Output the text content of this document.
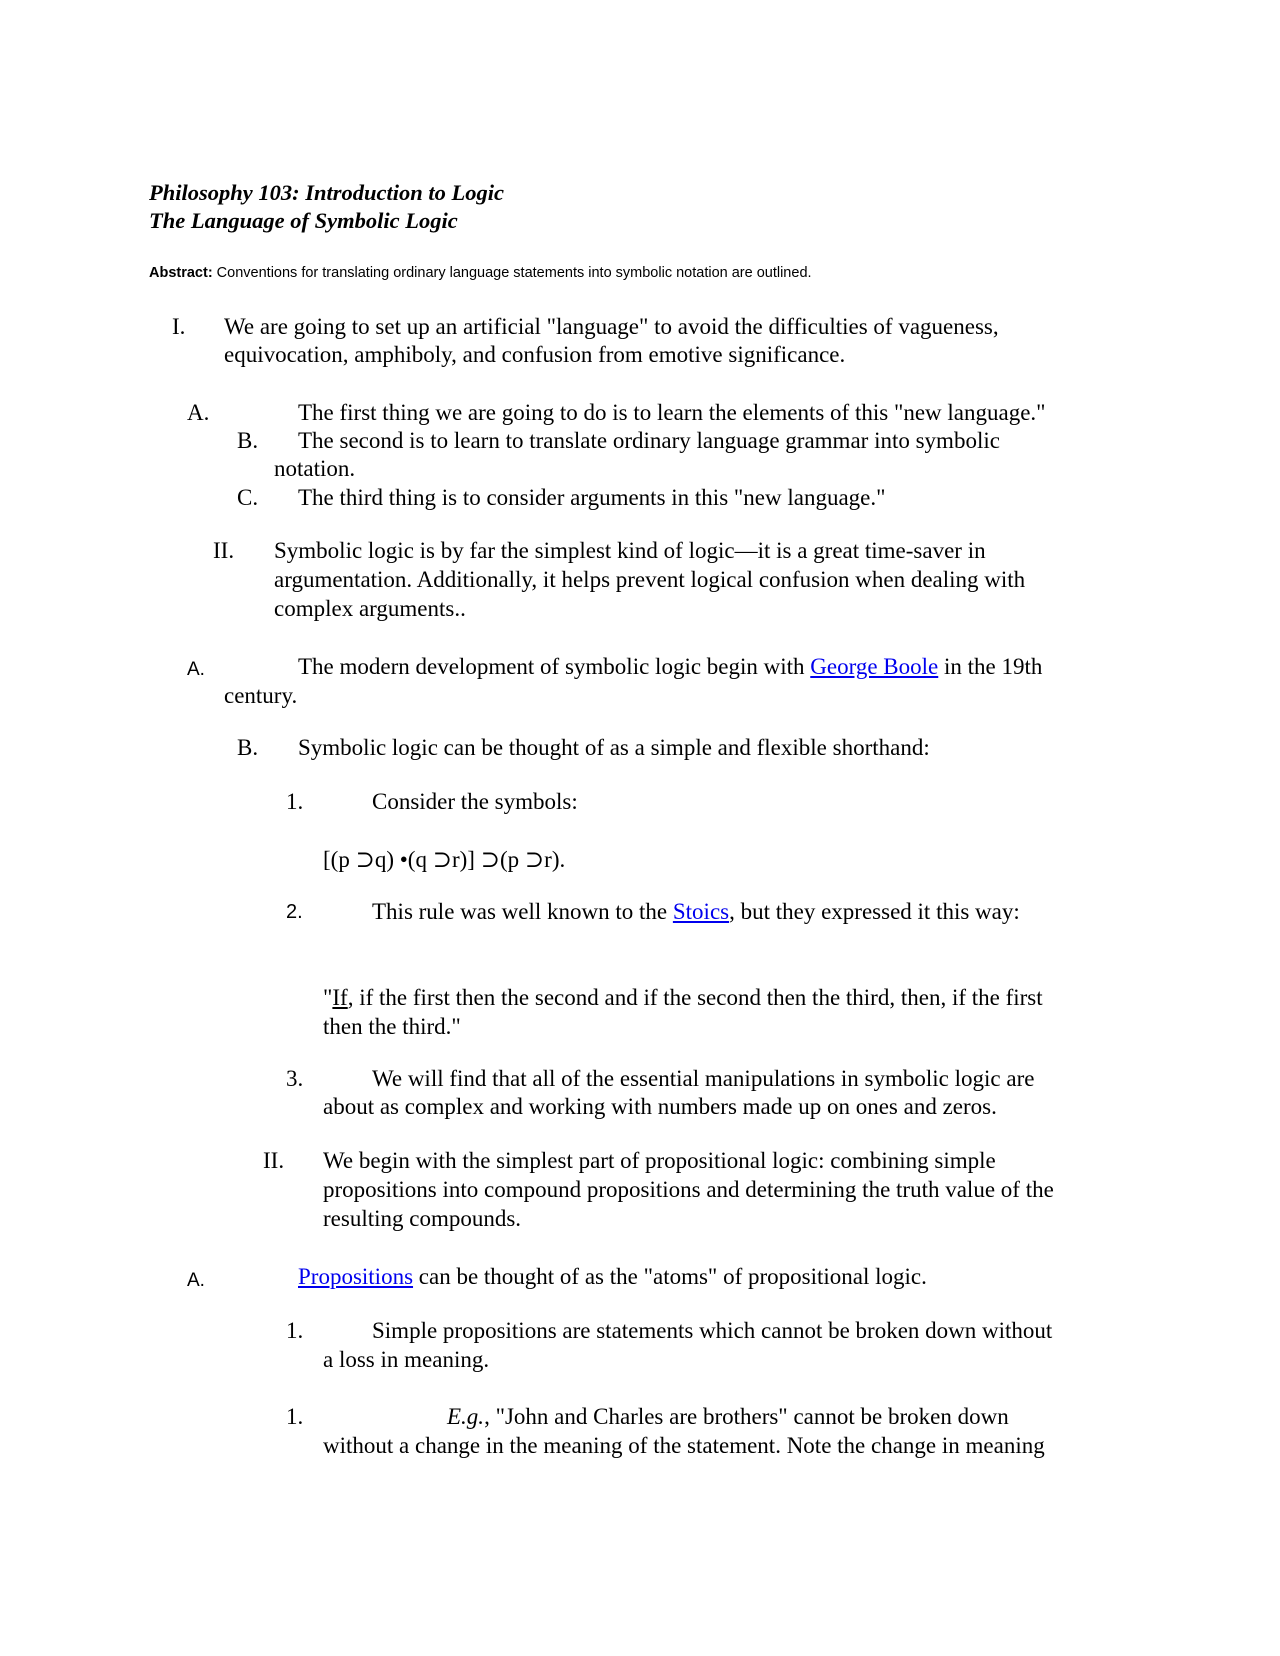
Philosophy 103: Introduction to Logic
The Language of Symbolic Logic
Abstract: Conventions for translating ordinary language statements into symbolic notation are outlined.
I. We are going to set up an artificial "language" to avoid the difficulties of vagueness,
equivocation, amphiboly, and confusion from emotive significance.
A.	The first thing we are going to do is to learn the elements of this "new language."
B. The second is to learn to translate ordinary language grammar into symbolic
notation.
C. The third thing is to consider arguments in this "new language."
II. Symbolic logic is by far the simplest kind of logic—it is a great time-saver in
argumentation. Additionally, it helps prevent logical confusion when dealing with
complex arguments..
A.	The modern development of symbolic logic begin with George Boole in the 19th
century.
B. Symbolic logic can be thought of as a simple and flexible shorthand:
1.	Consider the symbols:
[(p ⊃q) •(q ⊃r)] ⊃(p ⊃r).
2.	This rule was well known to the Stoics, but they expressed it this way:
"If, if the first then the second and if the second then the third, then, if the first
then the third."
3.	We will find that all of the essential manipulations in symbolic logic are
about as complex and working with numbers made up on ones and zeros.
II. We begin with the simplest part of propositional logic: combining simple
propositions into compound propositions and determining the truth value of the
resulting compounds.
A.	Propositions can be thought of as the "atoms" of propositional logic.
1.	Simple propositions are statements which cannot be broken down without
a loss in meaning.
1.	E.g., "John and Charles are brothers" cannot be broken down
without a change in the meaning of the statement. Note the change in meaning
